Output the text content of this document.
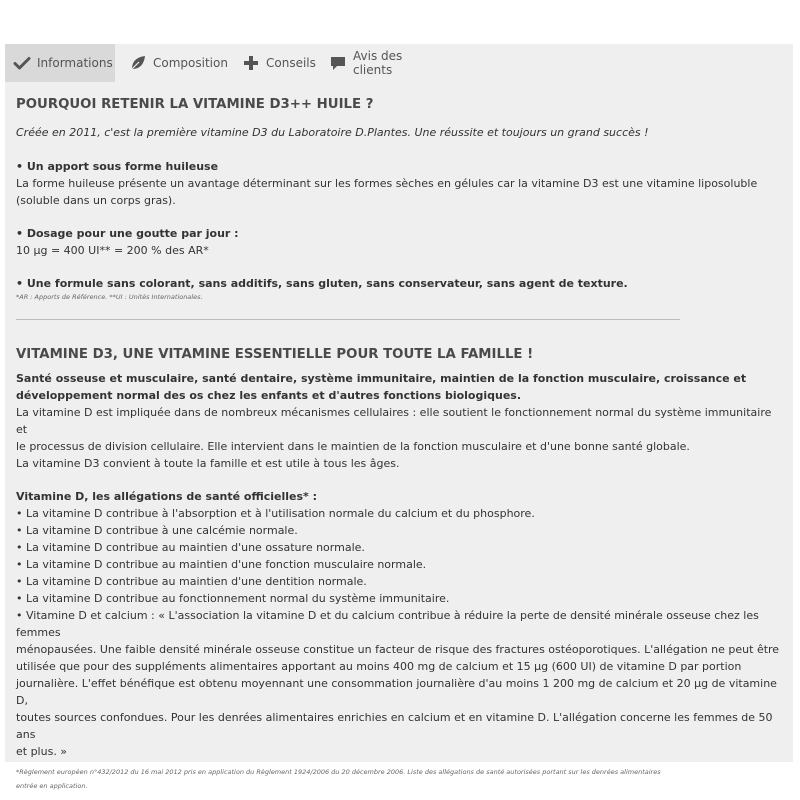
Informations	Composition	Conseils	Avis des clients
POURQUOI RETENIR LA VITAMINE D3++ HUILE ?
Créée en 2011, c'est la première vitamine D3 du Laboratoire D.Plantes. Une réussite et toujours un grand succès !
• Un apport sous forme huileuse
La forme huileuse présente un avantage déterminant sur les formes sèches en gélules car la vitamine D3 est une vitamine liposoluble
(soluble dans un corps gras).
• Dosage pour une goutte par jour :
10 µg = 400 UI** = 200 % des AR*
• Une formule sans colorant, sans additifs, sans gluten, sans conservateur, sans agent de texture.
*AR : Apports de Référence. **UI : Unités Internationales.
VITAMINE D3, UNE VITAMINE ESSENTIELLE POUR TOUTE LA FAMILLE !
Santé osseuse et musculaire, santé dentaire, système immunitaire, maintien de la fonction musculaire, croissance et
développement normal des os chez les enfants et d'autres fonctions biologiques.
La vitamine D est impliquée dans de nombreux mécanismes cellulaires : elle soutient le fonctionnement normal du système immunitaire et
le processus de division cellulaire. Elle intervient dans le maintien de la fonction musculaire et d'une bonne santé globale.
La vitamine D3 convient à toute la famille et est utile à tous les âges.
Vitamine D, les allégations de santé officielles* :
• La vitamine D contribue à l'absorption et à l'utilisation normale du calcium et du phosphore.
• La vitamine D contribue à une calcémie normale.
• La vitamine D contribue au maintien d'une ossature normale.
• La vitamine D contribue au maintien d'une fonction musculaire normale.
• La vitamine D contribue au maintien d'une dentition normale.
• La vitamine D contribue au fonctionnement normal du système immunitaire.
• Vitamine D et calcium : « L'association la vitamine D et du calcium contribue à réduire la perte de densité minérale osseuse chez les femmes
ménopausées. Une faible densité minérale osseuse constitue un facteur de risque des fractures ostéoporotiques. L'allégation ne peut être
utilisée que pour des suppléments alimentaires apportant au moins 400 mg de calcium et 15 µg (600 UI) de vitamine D par portion
journalière. L'effet bénéfique est obtenu moyennant une consommation journalière d'au moins 1 200 mg de calcium et 20 µg de vitamine D,
toutes sources confondues. Pour les denrées alimentaires enrichies en calcium et en vitamine D. L'allégation concerne les femmes de 50 ans
et plus. »
*Règlement européen n°432/2012 du 16 mai 2012 pris en application du Règlement 1924/2006 du 20 décembre 2006. Liste des allégations de santé autorisées portant sur les denrées alimentaires
entrée en application.
